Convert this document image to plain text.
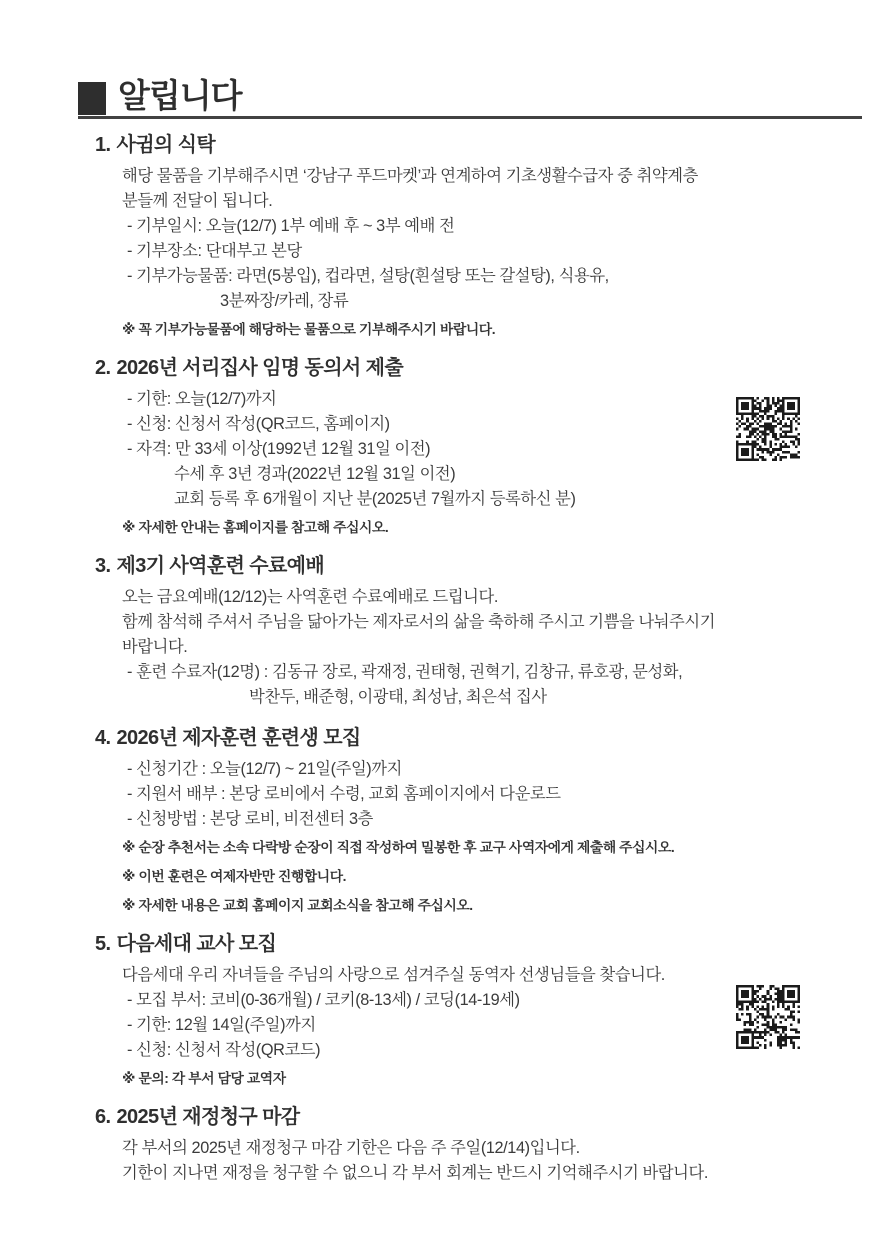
알립니다
1. 사귐의 식탁

해당 물품을 기부해주시면 ‘강남구 푸드마켓’과 연계하여 기초생활수급자 중 취약계층

분들께 전달이 됩니다.

- 기부일시: 오늘(12/7) 1부 예배 후 ~ 3부 예배 전

- 기부장소: 단대부고 본당

- 기부가능물품: 라면(5봉입), 컵라면, 설탕(흰설탕 또는 갈설탕), 식용유,

3분짜장/카레, 장류

※ 꼭 기부가능물품에 해당하는 물품으로 기부해주시기 바랍니다.

2. 2026년 서리집사 임명 동의서 제출

- 기한: 오늘(12/7)까지

- 신청: 신청서 작성(QR코드, 홈페이지)

- 자격: 만 33세 이상(1992년 12월 31일 이전)

수세 후 3년 경과(2022년 12월 31일 이전)

교회 등록 후 6개월이 지난 분(2025년 7월까지 등록하신 분)

※ 자세한 안내는 홈페이지를 참고해 주십시오.

3. 제3기 사역훈련 수료예배

오는 금요예배(12/12)는 사역훈련 수료예배로 드립니다.

함께 참석해 주셔서 주님을 닮아가는 제자로서의 삶을 축하해 주시고 기쁨을 나눠주시기

바랍니다.

- 훈련 수료자(12명) : 김동규 장로, 곽재정, 권태형, 권혁기, 김창규, 류호광, 문성화,

박찬두, 배준형, 이광태, 최성남, 최은석 집사

4. 2026년 제자훈련 훈련생 모집

- 신청기간 : 오늘(12/7) ~ 21일(주일)까지

- 지원서 배부 : 본당 로비에서 수령, 교회 홈페이지에서 다운로드

- 신청방법 : 본당 로비, 비전센터 3층

※ 순장 추천서는 소속 다락방 순장이 직접 작성하여 밀봉한 후 교구 사역자에게 제출해 주십시오.

※ 이번 훈련은 여제자반만 진행합니다.

※ 자세한 내용은 교회 홈페이지 교회소식을 참고해 주십시오.

5. 다음세대 교사 모집

다음세대 우리 자녀들을 주님의 사랑으로 섬겨주실 동역자 선생님들을 찾습니다.

- 모집 부서: 코비(0-36개월) / 코키(8-13세) / 코딩(14-19세)

- 기한: 12월 14일(주일)까지

- 신청: 신청서 작성(QR코드)

※ 문의: 각 부서 담당 교역자

6. 2025년 재정청구 마감

각 부서의 2025년 재정청구 마감 기한은 다음 주 주일(12/14)입니다.

기한이 지나면 재정을 청구할 수 없으니 각 부서 회계는 반드시 기억해주시기 바랍니다.
